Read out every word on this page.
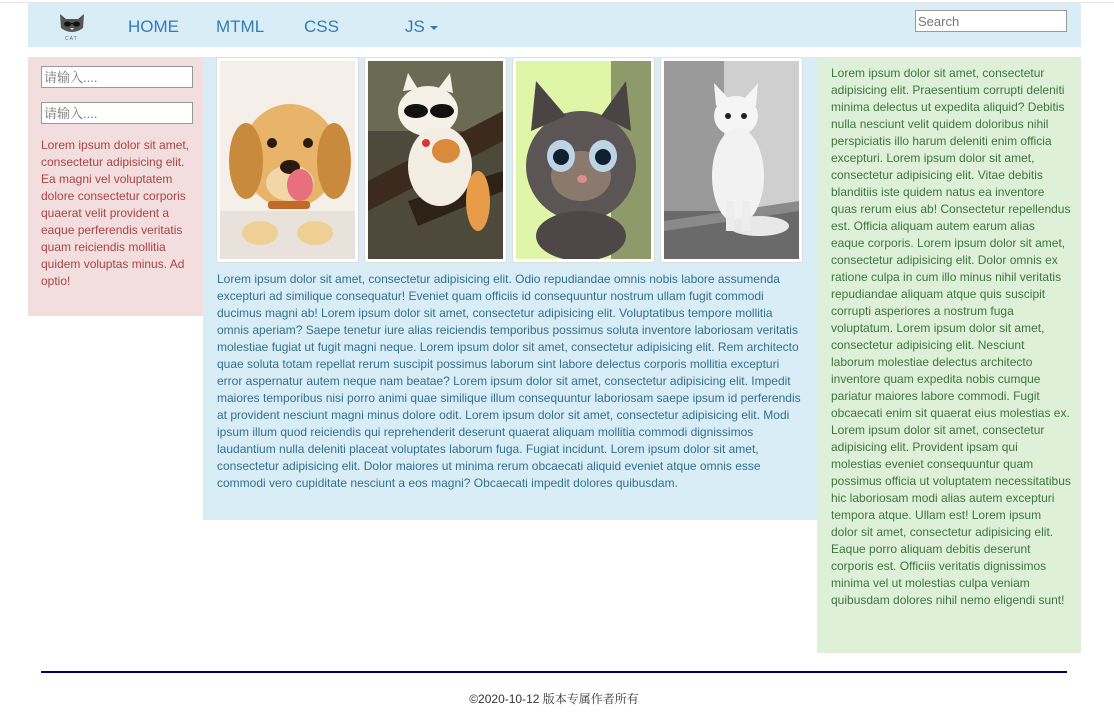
CAT
HOME MTML CSS	JS
Search
请输入....
请输入....

Lorem ipsum dolor sit amet, consectetur adipisicing elit. Ea magni vel voluptatem dolore consectetur corporis quaerat velit provident a eaque perferendis veritatis quam reiciendis mollitia quidem voluptas minus. Ad optio!	Lorem ipsum dolor sit amet, consectetur adipisicing elit. Odio repudiandae omnis nobis labore assumenda excepturi ad similique consequatur! Eveniet quam officiis id consequuntur nostrum ullam fugit commodi ducimus magni ab! Lorem ipsum dolor sit amet, consectetur adipisicing elit. Voluptatibus tempore mollitia omnis aperiam? Saepe tenetur iure alias reiciendis temporibus possimus soluta inventore laboriosam veritatis molestiae fugiat ut fugit magni neque. Lorem ipsum dolor sit amet, consectetur adipisicing elit. Rem architecto quae soluta totam repellat rerum suscipit possimus laborum sint labore delectus corporis mollitia excepturi error aspernatur autem neque nam beatae? Lorem ipsum dolor sit amet, consectetur adipisicing elit. Impedit maiores temporibus nisi porro animi quae similique illum consequuntur laboriosam saepe ipsum id perferendis at provident nesciunt magni minus dolore odit. Lorem ipsum dolor sit amet, consectetur adipisicing elit. Modi ipsum illum quod reiciendis qui reprehenderit deserunt quaerat aliquam mollitia commodi dignissimos laudantium nulla deleniti placeat voluptates laborum fuga. Fugiat incidunt. Lorem ipsum dolor sit amet, consectetur adipisicing elit. Dolor maiores ut minima rerum obcaecati aliquid eveniet atque omnis esse commodi vero cupiditate nesciunt a eos magni? Obcaecati impedit dolores quibusdam.

Lorem ipsum dolor sit amet, consectetur adipisicing elit. Praesentium corrupti deleniti minima delectus ut expedita aliquid? Debitis nulla nesciunt velit quidem doloribus nihil perspiciatis illo harum deleniti enim officia excepturi. Lorem ipsum dolor sit amet, consectetur adipisicing elit. Vitae debitis blanditiis iste quidem natus ea inventore quas rerum eius ab! Consectetur repellendus est. Officia aliquam autem earum alias eaque corporis. Lorem ipsum dolor sit amet, consectetur adipisicing elit. Dolor omnis ex ratione culpa in cum illo minus nihil veritatis repudiandae aliquam atque quis suscipit corrupti asperiores a nostrum fuga voluptatum. Lorem ipsum dolor sit amet, consectetur adipisicing elit. Nesciunt laborum molestiae delectus architecto inventore quam expedita nobis cumque pariatur maiores labore commodi. Fugit obcaecati enim sit quaerat eius molestias ex. Lorem ipsum dolor sit amet, consectetur adipisicing elit. Provident ipsam qui molestias eveniet consequuntur quam possimus officia ut voluptatem necessitatibus hic laboriosam modi alias autem excepturi tempora atque. Ullam est! Lorem ipsum dolor sit amet, consectetur adipisicing elit. Eaque porro aliquam debitis deserunt corporis est. Officiis veritatis dignissimos minima vel ut molestias culpa veniam quibusdam dolores nihil nemo eligendi sunt!

©2020-10-12 版本专属作者所有
